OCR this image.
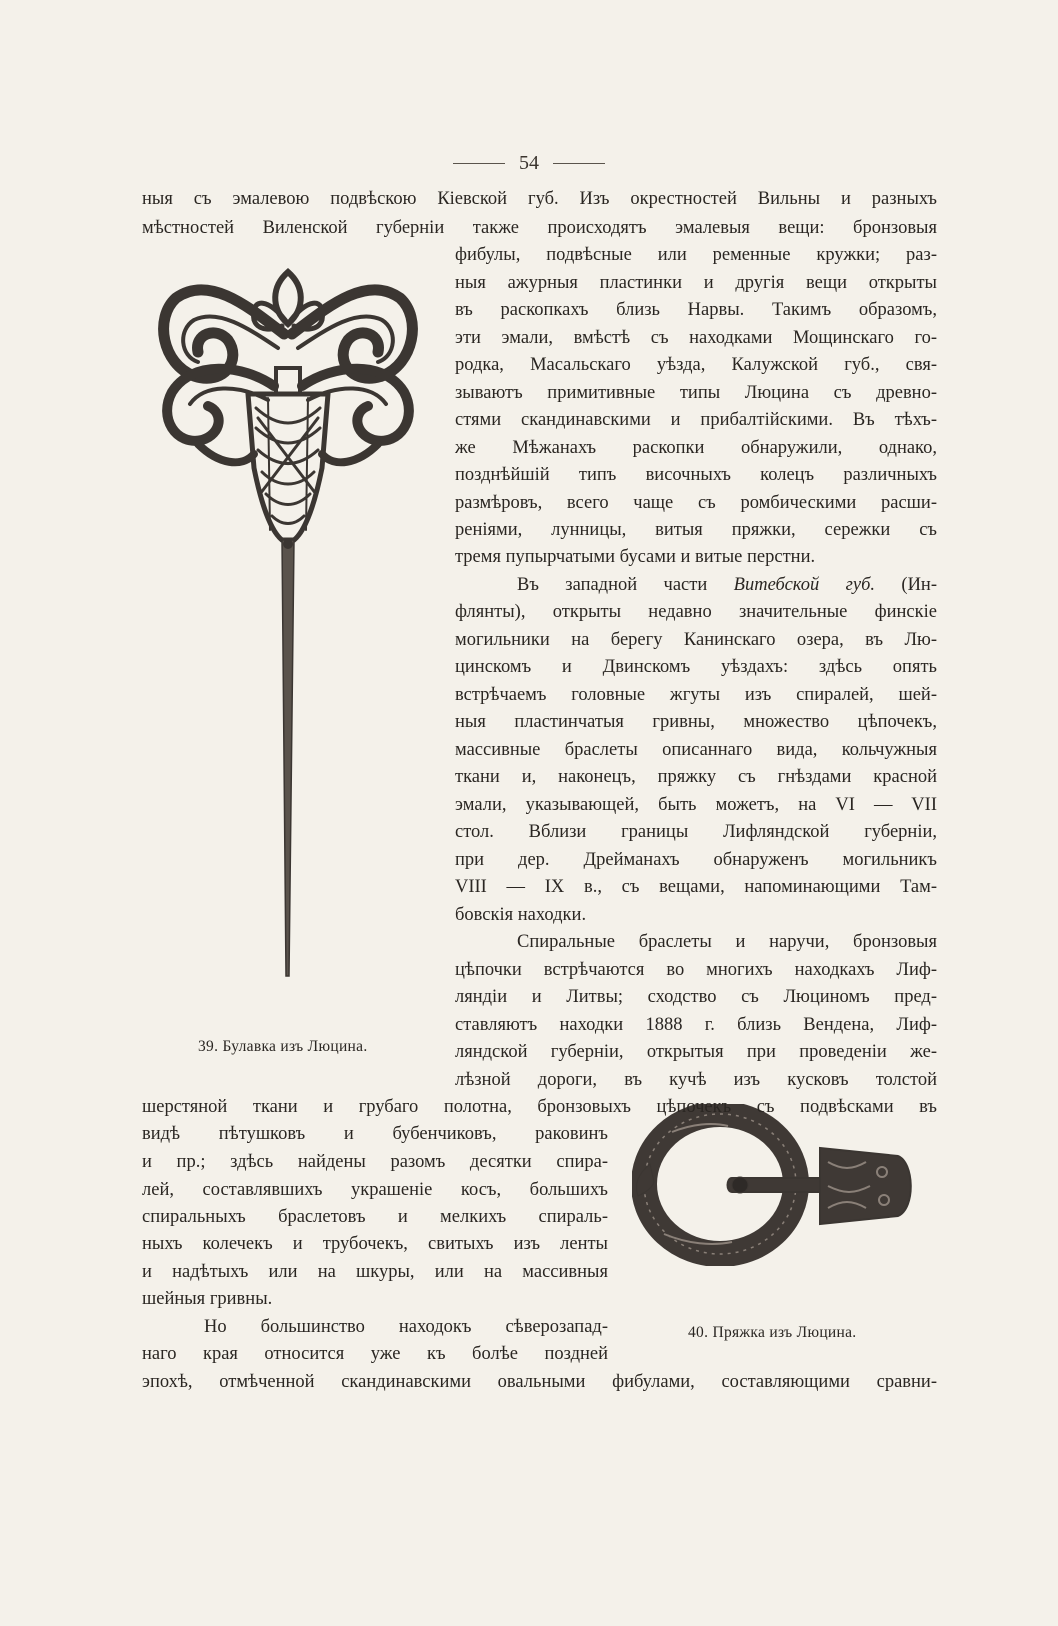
54
ныя съ эмалевою подвѣскою Кіевской губ. Изъ окрестностей Вильны и разныхъ
мѣстностей Виленской губерніи также происходятъ эмалевыя вещи: бронзовыя
фибулы, подвѣсные или ременные кружки; раз-
ныя ажурныя пластинки и другія вещи открыты
въ раскопкахъ близь Нарвы. Такимъ образомъ,
эти эмали, вмѣстѣ съ находками Мощинскаго го-
родка, Масальскаго уѣзда, Калужской губ., свя-
зываютъ примитивные типы Люцина съ древно-
стями скандинавскими и прибалтійскими. Въ тѣхъ-
же Мѣжанахъ раскопки обнаружили, однако,
позднѣйшій типъ височныхъ колецъ различныхъ
размѣровъ, всего чаще съ ромбическими расши-
реніями, лунницы, витыя пряжки, сережки съ
тремя пупырчатыми бусами и витые перстни.
Въ западной части Витебской губ. (Ин-
флянты), открыты недавно значительные финскіе
могильники на берегу Канинскаго озера, въ Лю-
цинскомъ и Двинскомъ уѣздахъ: здѣсь опять
встрѣчаемъ головные жгуты изъ спиралей, шей-
ныя пластинчатыя гривны, множество цѣпочекъ,
массивные браслеты описаннаго вида, кольчужныя
ткани и, наконецъ, пряжку съ гнѣздами красной
эмали, указывающей, быть можетъ, на VI — VII
стол. Вблизи границы Лифляндской губерніи,
при дер. Дрейманахъ обнаруженъ могильникъ
VIII — IX в., съ вещами, напоминающими Там-
бовскія находки.
Спиральные браслеты и наручи, бронзовыя
цѣпочки встрѣчаются во многихъ находкахъ Лиф-
ляндіи и Литвы; сходство съ Люциномъ пред-
ставляютъ находки 1888 г. близь Вендена, Лиф-
ляндской губерніи, открытыя при проведеніи же-
лѣзной дороги, въ кучѣ изъ кусковъ толстой
шерстяной ткани и грубаго полотна, бронзовыхъ цѣпочекъ съ подвѣсками въ
видѣ пѣтушковъ и бубенчиковъ, раковинъ
и пр.; здѣсь найдены разомъ десятки спира-
лей, составлявшихъ украшеніе косъ, большихъ
спиральныхъ браслетовъ и мелкихъ спираль-
ныхъ колечекъ и трубочекъ, свитыхъ изъ ленты
и надѣтыхъ или на шкуры, или на массивныя
шейныя гривны.
Но большинство находокъ сѣверозапад-
наго края относится уже къ болѣе поздней
эпохѣ, отмѣченной скандинавскими овальными фибулами, составляющими сравни-
39. Булавка изъ Люцина.
40. Пряжка изъ Люцина.
